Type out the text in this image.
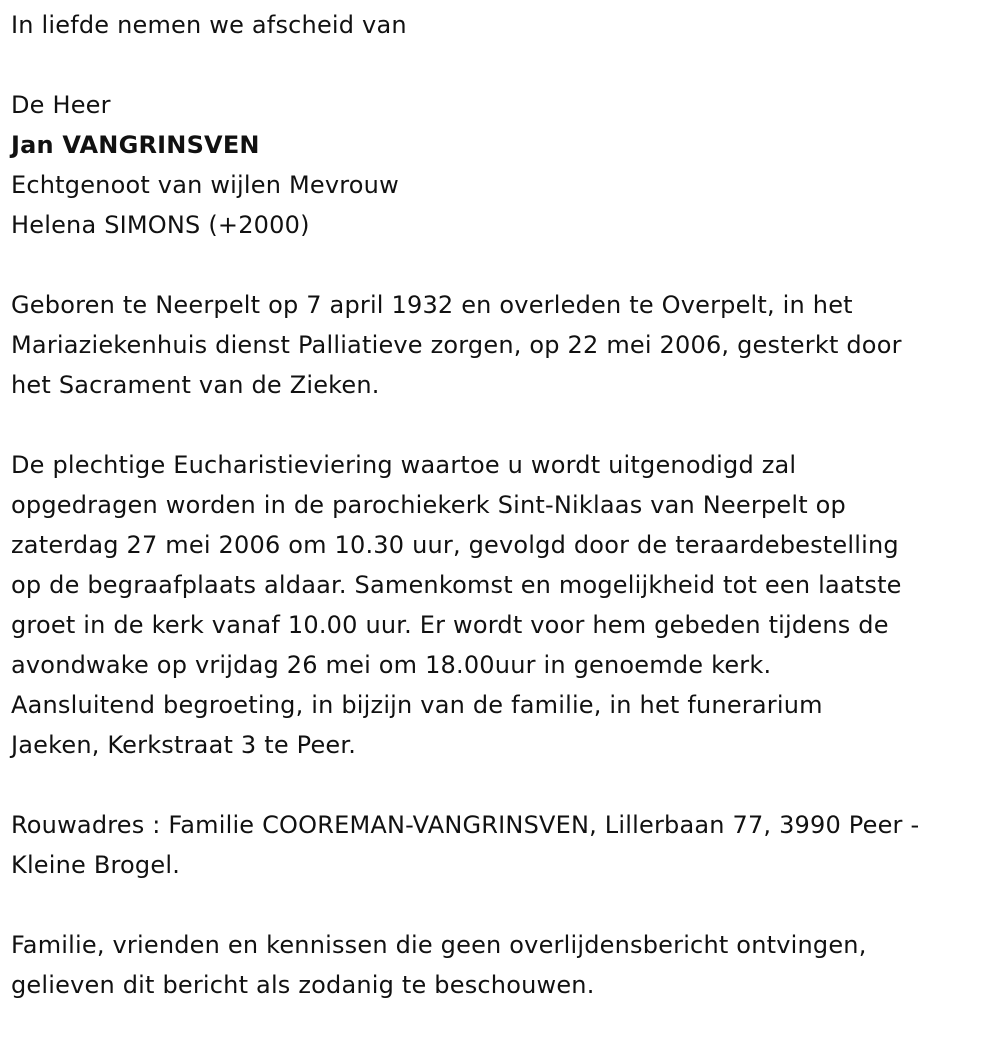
In liefde nemen we afscheid van
De Heer
Jan VANGRINSVEN
Echtgenoot van wijlen Mevrouw
Helena SIMONS (+2000)

Geboren te Neerpelt op 7 april 1932 en overleden te Overpelt, in het
Mariaziekenhuis dienst Palliatieve zorgen, op 22 mei 2006, gesterkt door
het Sacrament van de Zieken.

De plechtige Eucharistieviering waartoe u wordt uitgenodigd zal
opgedragen worden in de parochiekerk Sint-Niklaas van Neerpelt op
zaterdag 27 mei 2006 om 10.30 uur, gevolgd door de teraardebestelling
op de begraafplaats aldaar. Samenkomst en mogelijkheid tot een laatste
groet in de kerk vanaf 10.00 uur. Er wordt voor hem gebeden tijdens de
avondwake op vrijdag 26 mei om 18.00uur in genoemde kerk.
Aansluitend begroeting, in bijzijn van de familie, in het funerarium
Jaeken, Kerkstraat 3 te Peer.

Rouwadres : Familie COOREMAN-VANGRINSVEN, Lillerbaan 77, 3990 Peer -
Kleine Brogel.

Familie, vrienden en kennissen die geen overlijdensbericht ontvingen,
gelieven dit bericht als zodanig te beschouwen.
